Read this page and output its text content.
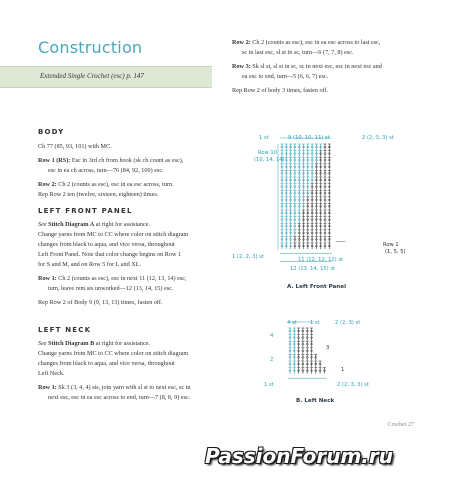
Construction
Extended Single Crochet (esc) p. 147
BODY
Ch 77 (85, 93, 101) with MC.
Row 1 (RS): Esc in 3rd ch from hook (sk ch count as esc),
esc in ea ch across, turn—76 (84, 92, 100) esc.
Row 2: Ch 2 (counts as esc), esc in ea esc across, turn.
Rep Row 2 ten (twelve, sixteen, eighteen) times.
LEFT FRONT PANEL
See Stitch Diagram A at right for assistance.
Change yarns from MC to CC where color on stitch diagram
changes from black to aqua, and vice versa, throughout
Left Front Panel. Note that color change begins on Row 1
for S and M, and on Row 5 for L and XL.
Row 1: Ch 2 (counts as esc), esc in next 11 (12, 13, 14) esc,
turn, leave rem sts unworked—12 (13, 14, 15) esc.
Rep Row 2 of Body 9 (9, 13, 13) times, fasten off.
LEFT NECK
See Stitch Diagram B at right for assistance.
Change yarns from MC to CC where color on stitch diagram
changes from black to aqua, and vice versa, throughout
Left Neck.
Row 1: Sk 3 (3, 4, 4) sts, join yarn with sl st to next esc, sc in
next esc, esc in ea esc across to end, turn—7 (8, 8, 9) esc.
Row 2: Ch 2 (counts as esc), esc in ea esc across to last esc,
sc in last esc, sl st in sc, turn—6 (7, 7, 8) esc.
Row 3: Sk sl st, sl st in sc, sc in next esc, esc in next esc and
ea esc to end, turn—5 (6, 6, 7) esc.
Rep Row 2 of body 3 times, fasten off.
1 st	9 (10, 10, 11) st	2 (2, 3, 3) st
Row 10
(10, 14, 14)
1 (2, 2, 3) st	11 (12, 12, 12) st
12 (13, 14, 15) st
Row 1
(1, 5, 5)
A. Left Front Panel
4 st	1 st	2 (2, 3) st
4
3
2
1
1 st	2 (2, 3, 3) st
B. Left Neck
Crochet 27
PassionForum.ru
